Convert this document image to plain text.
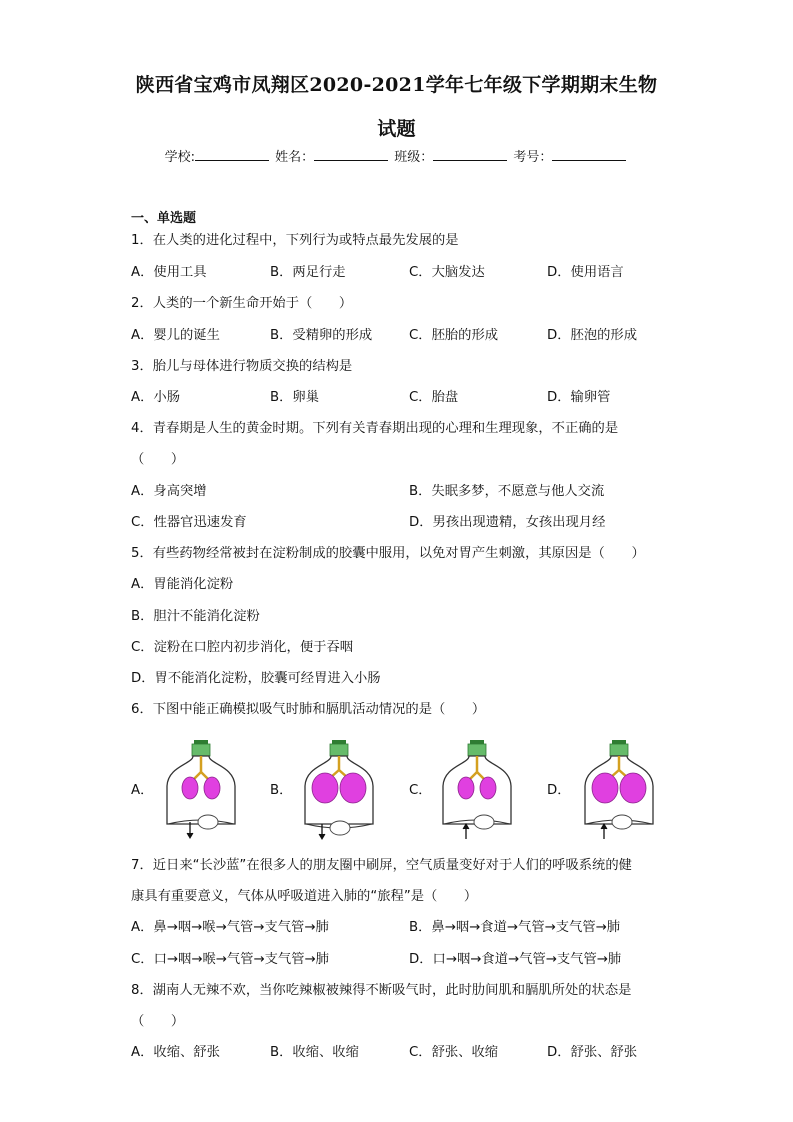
陕西省宝鸡市凤翔区2020-2021学年七年级下学期期末生物
试题
学校:	姓名：	班级：	考号：
一、单选题
1．在人类的进化过程中，下列行为或特点最先发展的是
A．使用工具	B．两足行走	C．大脑发达	D．使用语言
2．人类的一个新生命开始于（　　）
A．婴儿的诞生	B．受精卵的形成	C．胚胎的形成	D．胚泡的形成
3．胎儿与母体进行物质交换的结构是
A．小肠	B．卵巢	C．胎盘	D．输卵管
4．青春期是人生的黄金时期。下列有关青春期出现的心理和生理现象，不正确的是
（　　）
A．身高突增	B．失眠多梦，不愿意与他人交流
C．性器官迅速发育	D．男孩出现遗精，女孩出现月经
5．有些药物经常被封在淀粉制成的胶囊中服用，以免对胃产生刺激，其原因是（　　）
A．胃能消化淀粉
B．胆汁不能消化淀粉
C．淀粉在口腔内初步消化，便于吞咽
D．胃不能消化淀粉，胶囊可经胃进入小肠
6．下图中能正确模拟吸气时肺和膈肌活动情况的是（　　）
A．	B．	C．	D．
7．近日来“长沙蓝”在很多人的朋友圈中刷屏，空气质量变好对于人们的呼吸系统的健
康具有重要意义，气体从呼吸道进入肺的“旅程”是（　　）
A．鼻→咽→喉→气管→支气管→肺	B．鼻→咽→食道→气管→支气管→肺
C．口→咽→喉→气管→支气管→肺	D．口→咽→食道→气管→支气管→肺
8．湖南人无辣不欢，当你吃辣椒被辣得不断吸气时，此时肋间肌和膈肌所处的状态是
（　　）
A．收缩、舒张	B．收缩、收缩	C．舒张、收缩	D．舒张、舒张
